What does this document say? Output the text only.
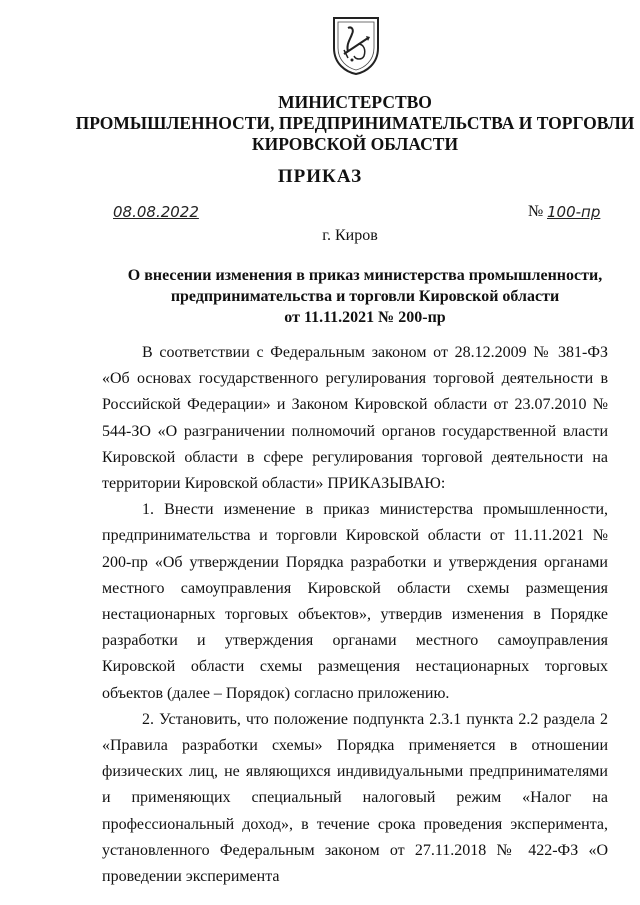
МИНИСТЕРСТВО
ПРОМЫШЛЕННОСТИ, ПРЕДПРИНИМАТЕЛЬСТВА И ТОРГОВЛИ
КИРОВСКОЙ ОБЛАСТИ
ПРИКАЗ
08.08.2022	№ 100-пр
г. Киров
О внесении изменения в приказ министерства промышленности,
предпринимательства и торговли Кировской области
от 11.11.2021 № 200-пр

В соответствии с Федеральным законом от 28.12.2009 № 381-ФЗ «Об основах государственного регулирования торговой деятельности в Российской Федерации» и Законом Кировской области от 23.07.2010 № 544-ЗО «О разграничении полномочий органов государственной власти Кировской области в сфере регулирования торговой деятельности на территории Кировской области» ПРИКАЗЫВАЮ:

1. Внести изменение в приказ министерства промышленности, предпринимательства и торговли Кировской области от 11.11.2021 № 200-пр «Об утверждении Порядка разработки и утверждения органами местного самоуправления Кировской области схемы размещения нестационарных торговых объектов», утвердив изменения в Порядке разработки и утверждения органами местного самоуправления Кировской области схемы размещения нестационарных торговых объектов (далее – Порядок) согласно приложению.

2. Установить, что положение подпункта 2.3.1 пункта 2.2 раздела 2 «Правила разработки схемы» Порядка применяется в отношении физических лиц, не являющихся индивидуальными предпринимателями и применяющих специальный налоговый режим «Налог на профессиональный доход», в течение срока проведения эксперимента, установленного Федеральным законом от 27.11.2018 № 422-ФЗ «О проведении эксперимента
